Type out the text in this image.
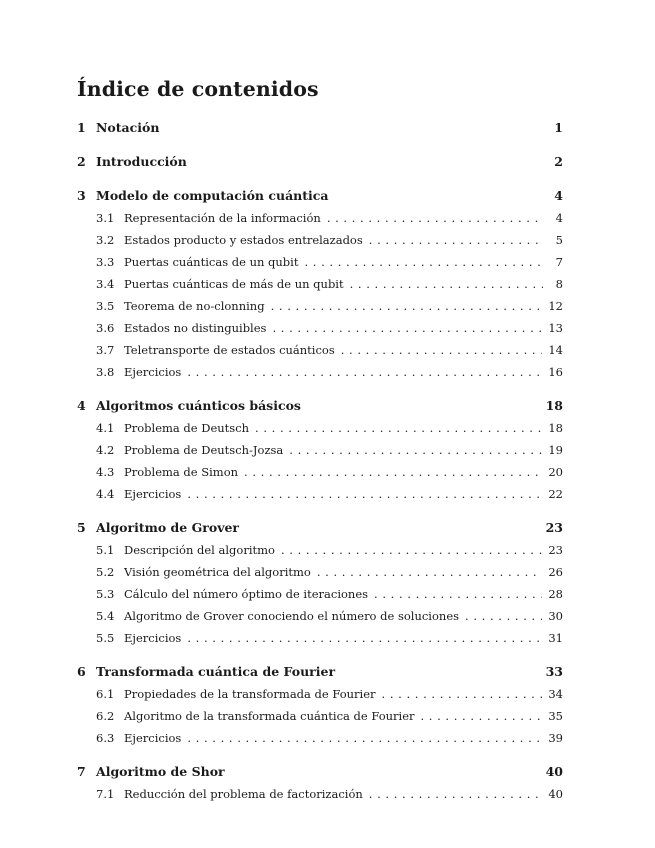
Índice de contenidos
1 Notación	1
2 Introducción	2
3 Modelo de computación cuántica	4
3.1 Representación de la información . . .	4
3.2 Estados producto y estados entrelazados . . .	5
3.3 Puertas cuánticas de un qubit . . .	7
3.4 Puertas cuánticas de más de un qubit . . .	8
3.5 Teorema de no-clonning . . .	12
3.6 Estados no distinguibles . . .	13
3.7 Teletransporte de estados cuánticos . . .	14
3.8 Ejercicios . . .	16
4 Algoritmos cuánticos básicos	18
4.1 Problema de Deutsch . . .	18
4.2 Problema de Deutsch-Jozsa . . .	19
4.3 Problema de Simon . . .	20
4.4 Ejercicios . . .	22
5 Algoritmo de Grover	23
5.1 Descripción del algoritmo . . .	23
5.2 Visión geométrica del algoritmo . . .	26
5.3 Cálculo del número óptimo de iteraciones . . .	28
5.4 Algoritmo de Grover conociendo el número de soluciones . . .	30
5.5 Ejercicios . . .	31
6 Transformada cuántica de Fourier	33
6.1 Propiedades de la transformada de Fourier . . .	34
6.2 Algoritmo de la transformada cuántica de Fourier . . .	35
6.3 Ejercicios . . .	39
7 Algoritmo de Shor	40
7.1 Reducción del problema de factorización . . .	40
